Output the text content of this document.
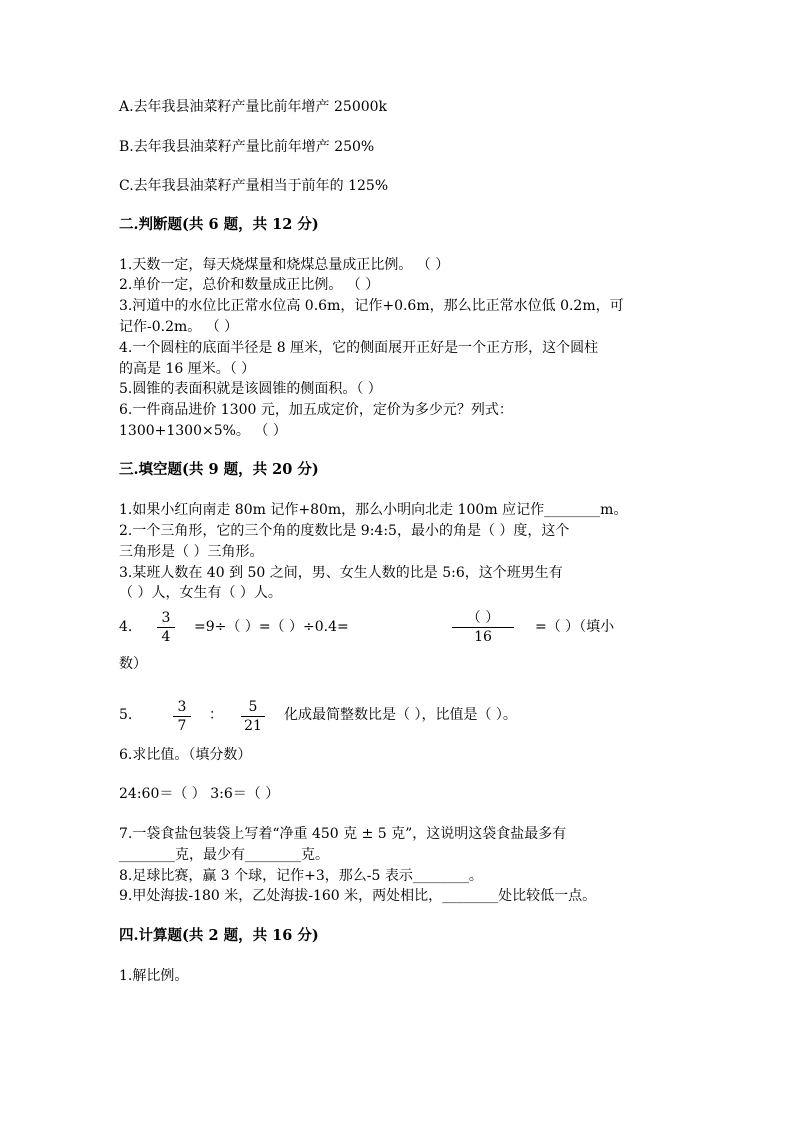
A.去年我县油菜籽产量比前年增产 25000k
B.去年我县油菜籽产量比前年增产 250%
C.去年我县油菜籽产量相当于前年的 125%
二.判断题(共 6 题，共 12 分)
1.天数一定，每天烧煤量和烧煤总量成正比例。 （ ）
2.单价一定，总价和数量成正比例。 （ ）
3.河道中的水位比正常水位高 0.6m，记作+0.6m，那么比正常水位低 0.2m，可
记作-0.2m。 （ ）
4.一个圆柱的底面半径是 8 厘米，它的侧面展开正好是一个正方形，这个圆柱
的高是 16 厘米。（ ）
5.圆锥的表面积就是该圆锥的侧面积。（ ）
6.一件商品进价 1300 元，加五成定价，定价为多少元？列式：
1300+1300×5%。 （ ）
三.填空题(共 9 题，共 20 分)
1.如果小红向南走 80m 记作+80m，那么小明向北走 100m 应记作________m。
2.一个三角形，它的三个角的度数比是 9:4:5，最小的角是（ ）度，这个
三角形是（ ）三角形。
3.某班人数在 40 到 50 之间，男、女生人数的比是 5:6，这个班男生有
（ ）人，女生有（ ）人。
4. $\frac{3}{4} =9\div$（ ）=（ ）÷0.4=
（ ）
16
=（ ）（填小
数）
5.	$\frac{3}{7}$ ： $\frac{5}{21}$ 化成最简整数比是（ ），比值是（ ）。
6.求比值。（填分数）
24:60＝（ ） 3:6＝（ ）
7.一袋食盐包装袋上写着“净重 450 克 ± 5 克”，这说明这袋食盐最多有
________克，最少有________克。
8.足球比赛，赢 3 个球，记作+3，那么-5 表示________。
9.甲处海拔-180 米，乙处海拔-160 米，两处相比，________处比较低一点。
四.计算题(共 2 题，共 16 分)
1.解比例。
